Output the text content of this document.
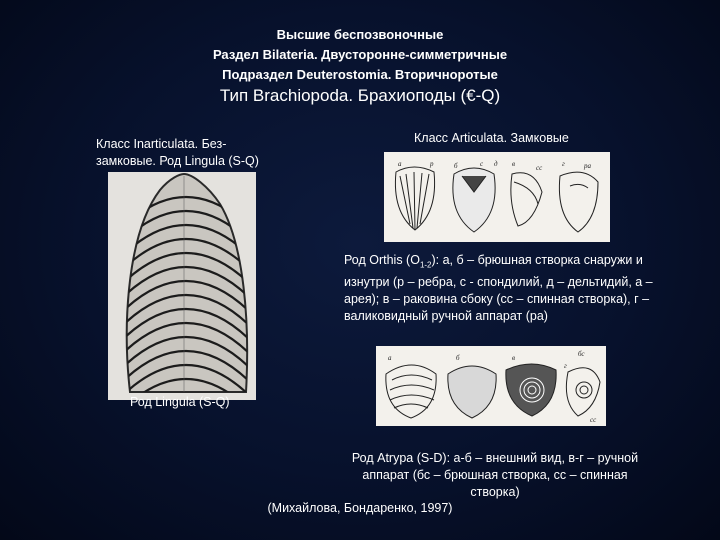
Высшие беспозвоночные
Раздел Bilateria. Двусторонне-симметричные
Подраздел Deuterostomia. Вторичноротые
Тип Brachiopoda. Брахиоподы (€-Q)
Класс Inarticulata. Без-замковые. Род Lingula (S-Q)
Род Lingula (S-Q)
Класс Articulata. Замковые
а	б
р	с д в	сс	г	ра
Род Orthis $(O_{1-2})$: а, б – брюшная створка снаружи и изнутри (р – ребра, с - спондилий, д – дельтидий, а – арея); в – раковина сбоку (сс – спинная створка), г – валиковидный ручной аппарат (ра)
а	б	в	бс
г
сс
Род Atrypa (S-D): а-б – внешний вид, в-г – ручной аппарат (бс – брюшная створка, сс – спинная створка)
(Михайлова, Бондаренко, 1997)
